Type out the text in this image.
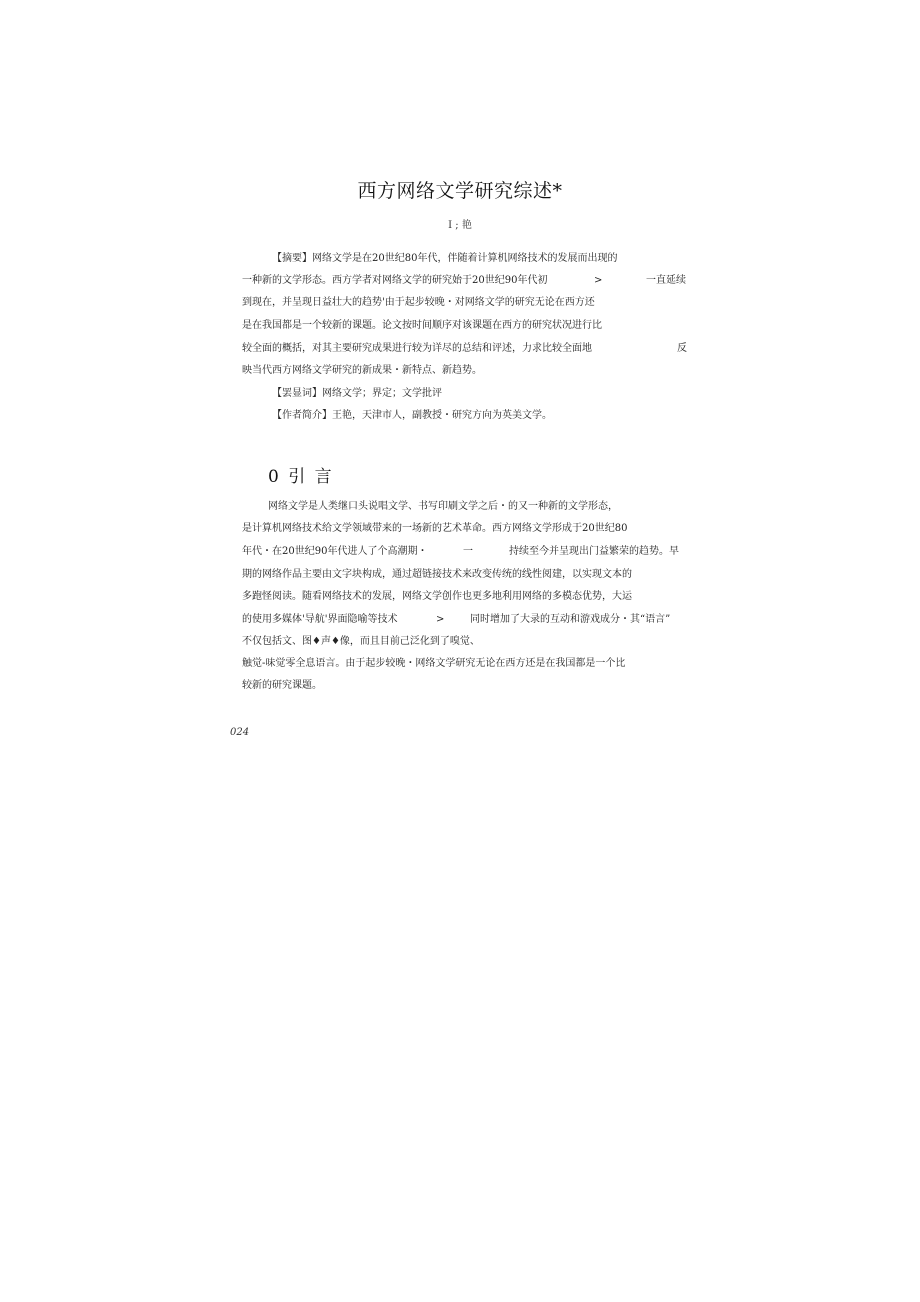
西方网络文学研究综述*
I ; 艳
【摘要】网络文学是在20世纪80年代，伴随着计算机网络技术的发展而出现的
一种新的文学形态。西方学者对网络文学的研究始于20世纪90年代初	>	一直延续
到现在，并呈现日益壮大的趋势'由于起步较晚・对网络文学的研究无论在西方还
是在我国都是一个较新的课题。论文按时间顺序对该课题在西方的研究状况进行比
较全面的概括，对其主要研究成果进行较为详尽的总结和评述，力求比较全面地	反
映当代西方网络文学研究的新成果・新特点、新趋势。
【罢显词】网络文学；界定；文学批评
【作者简介】王艳，天津市人，副教授・研究方向为英美文学。
0 引 言
网络文学是人类继口头说唱文学、书写印刷文学之后・的又一种新的文学形态，
是计算机网络技术给文学领域带来的一场新的艺术革命。西方网络文学形成于20世纪80
年代・在20世纪90年代进人了个高潮期・	一	持续至今并呈现出门益繁荣的趋势。早
期的网络作品主要由文字块构成，通过超链接技术来改变传统的线性阅建，以实现文本的
多跑怪阅读。随看网络技术的发展，网络文学创作也更多地利用网络的多模态优势，大运
的使用多媒体'导航'界面隐喻等技术	>	同时增加了大录的互动和游戏成分・其“语言”
不仅包括文、图♦声♦像，而且目前己泛化到了嗅觉、
触觉-味觉零全息语言。由于起步较晚・网络文学研究无论在西方还是在我国都是一个比
较新的研究课题。
024
